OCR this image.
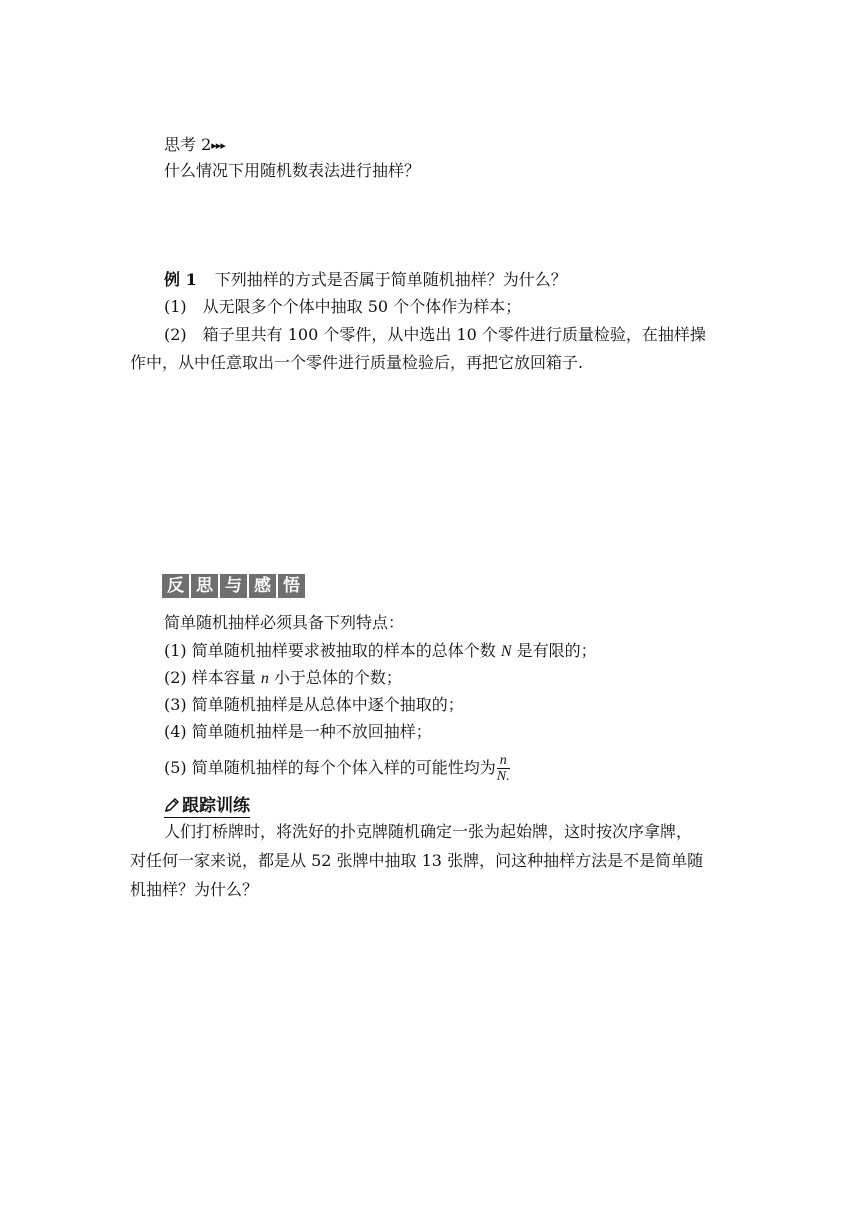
思考 2▸▸▸
什么情况下用随机数表法进行抽样？
例 1 下列抽样的方式是否属于简单随机抽样？为什么？
(1)　从无限多个个体中抽取 50 个个体作为样本；
(2)　箱子里共有 100 个零件，从中选出 10 个零件进行质量检验，在抽样操
作中，从中任意取出一个零件进行质量检验后，再把它放回箱子.
反 思 与 感 悟
简单随机抽样必须具备下列特点：
(1) 简单随机抽样要求被抽取的样本的总体个数 N 是有限的；
(2) 样本容量 n 小于总体的个数；
(3) 简单随机抽样是从总体中逐个抽取的；
(4) 简单随机抽样是一种不放回抽样；
(5) 简单随机抽样的每个个体入样的可能性均为 $\frac{n}{N.}$
跟踪训练
人们打桥牌时，将洗好的扑克牌随机确定一张为起始牌，这时按次序拿牌，
对任何一家来说，都是从 52 张牌中抽取 13 张牌，问这种抽样方法是不是简单随
机抽样？为什么？
